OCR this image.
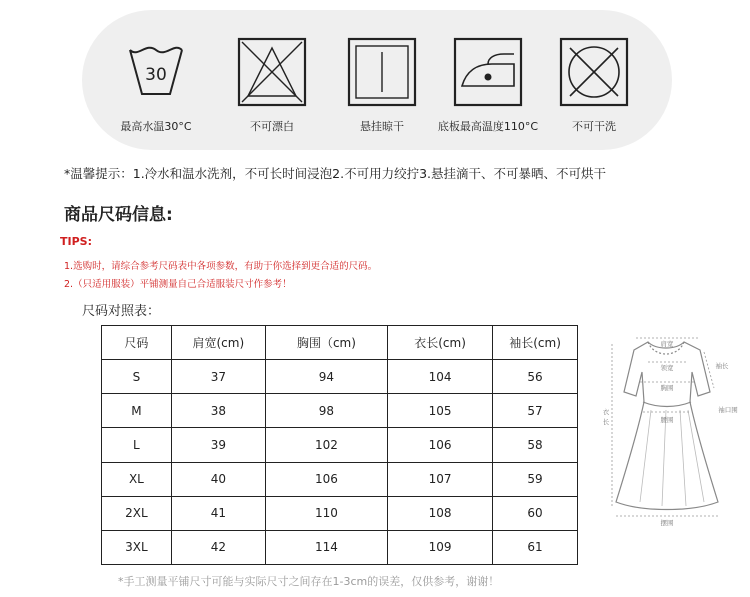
30
最高水温30°C	不可漂白	悬挂晾干	底板最高温度110°C	不可干洗
*温馨提示：1.冷水和温水洗剂，不可长时间浸泡2.不可用力绞拧3.悬挂滴干、不可暴晒、不可烘干
商品尺码信息:
TIPS:
1.选购时，请综合参考尺码表中各项参数，有助于你选择到更合适的尺码。
2.（只适用服装）平铺测量自己合适服装尺寸作参考！
尺码对照表：
尺码	肩宽(cm)	胸围（cm)	衣长(cm)	袖长(cm)
S	37	94	104	56
M	38	98	105	57
L	39	102	106	58
XL	40	106	107	59
2XL	41	110	108	60
3XL	42	114	109	61
肩宽
领宽	袖长
胸围
衣
长	腰围
袖口围
摆围
*手工测量平铺尺寸可能与实际尺寸之间存在1-3cm的误差，仅供参考，谢谢！
